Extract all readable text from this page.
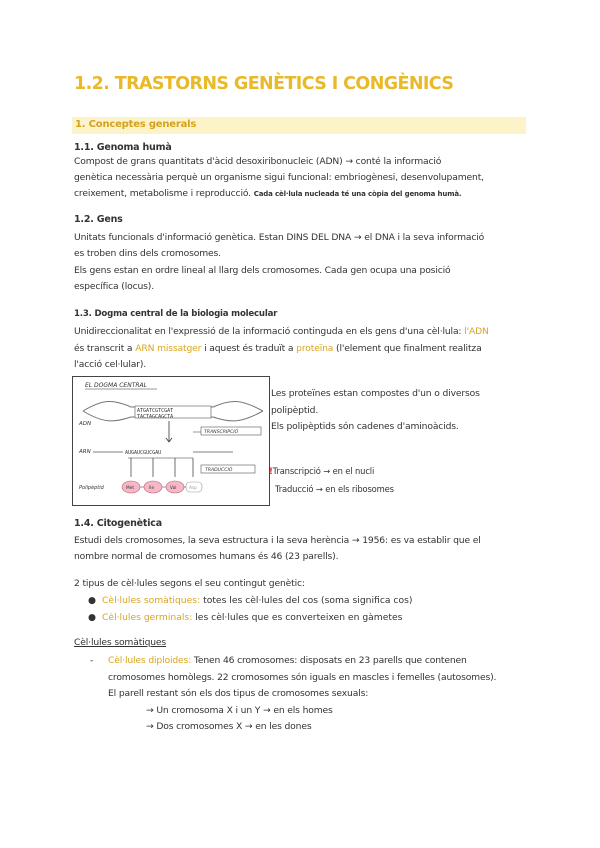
1.2. TRASTORNS GENÈTICS I CONGÈNICS
1. Conceptes generals
1.1. Genoma humà
Compost de grans quantitats d'àcid desoxiribonucleic (ADN) → conté la informació
genètica necessària perquè un organisme sigui funcional: embriogènesi, desenvolupament,
creixement, metabolisme i reproducció. Cada cèl·lula nucleada té una còpia del genoma humà.
1.2. Gens
Unitats funcionals d'informació genètica. Estan DINS DEL DNA → el DNA i la seva informació
es troben dins dels cromosomes.
Els gens estan en ordre lineal al llarg dels cromosomes. Cada gen ocupa una posició
específica (locus).
1.3. Dogma central de la biologia molecular
Unidireccionalitat en l'expressió de la informació continguda en els gens d'una cèl·lula: l'ADN
és transcrit a ARN missatger i aquest és traduït a proteïna (l'element que finalment realitza
l'acció cel·lular).
EL DOGMA CENTRAL
ATGATCGTCGAT
TACTAGCAGCTA
ADN
TRANSCRIPCIÓ
ARN	AUGAUCGUCGAU
TRADUCCIÓ
Polipèptid	Met	Ile	Val	Asp
Les proteïnes estan compostes d'un o diversos
polipèptid.
Els polipèptids són cadenes d'aminoàcids.
!Transcripció → en el nucli
Traducció → en els ribosomes
1.4. Citogenètica
Estudi dels cromosomes, la seva estructura i la seva herència → 1956: es va establir que el
nombre normal de cromosomes humans és 46 (23 parells).
2 tipus de cèl·lules segons el seu contingut genètic:
● Cèl·lules somàtiques: totes les cèl·lules del cos (soma significa cos)
● Cèl·lules germinals: les cèl·lules que es converteixen en gàmetes
Cèl·lules somàtiques
- Cèl·lules diploides: Tenen 46 cromosomes: disposats en 23 parells que contenen
cromosomes homòlegs. 22 cromosomes són iguals en mascles i femelles (autosomes).
El parell restant són els dos tipus de cromosomes sexuals:
→ Un cromosoma X i un Y → en els homes
→ Dos cromosomes X → en les dones
